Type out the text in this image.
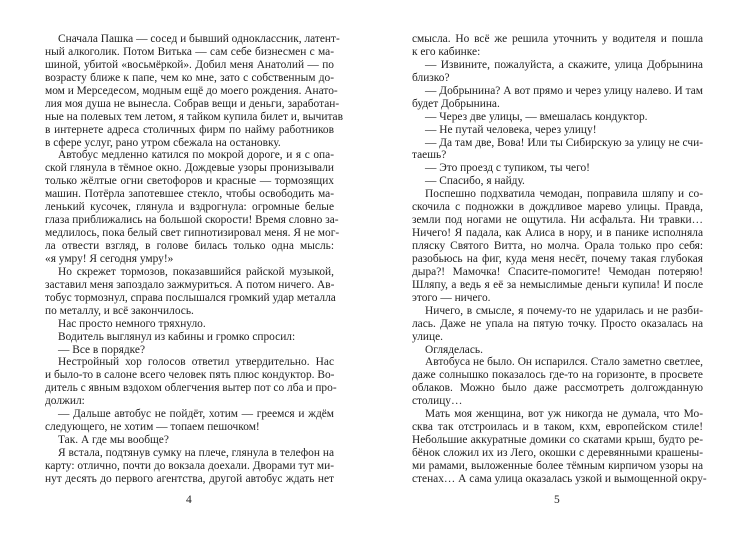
Сначала Пашка — сосед и бывший одноклассник, латент-
ный алкоголик. Потом Витька — сам себе бизнесмен с ма-
шиной, убитой «восьмёркой». Добил меня Анатолий — по
возрасту ближе к папе, чем ко мне, зато с собственным до-
мом и Мерседесом, модным ещё до моего рождения. Анато-
лия моя душа не вынесла. Собрав вещи и деньги, заработан-
ные на полевых тем летом, я тайком купила билет и, вычитав
в интернете адреса столичных фирм по найму работников
в сфере услуг, рано утром сбежала на остановку.
Автобус медленно катился по мокрой дороге, и я с опа-
ской глянула в тёмное окно. Дождевые узоры пронизывали
только жёлтые огни светофоров и красные — тормозящих
машин. Потёрла запотевшее стекло, чтобы освободить ма-
ленький кусочек, глянула и вздрогнула: огромные белые
глаза приближались на большой скорости! Время словно за-
медлилось, пока белый свет гипнотизировал меня. Я не мог-
ла отвести взгляд, в голове билась только одна мысль:
«я умру! Я сегодня умру!»
Но скрежет тормозов, показавшийся райской музыкой,
заставил меня запоздало зажмуриться. А потом ничего. Ав-
тобус тормознул, справа послышался громкий удар металла
по металлу, и всё закончилось.
Нас просто немного тряхнуло.
Водитель выглянул из кабины и громко спросил:
— Все в порядке?
Нестройный хор голосов ответил утвердительно. Нас
и было-то в салоне всего человек пять плюс кондуктор. Во-
дитель с явным вздохом облегчения вытер пот со лба и про-
должил:
— Дальше автобус не пойдёт, хотим — греемся и ждём
следующего, не хотим — топаем пешочком!
Так. А где мы вообще?
Я встала, подтянув сумку на плече, глянула в телефон на
карту: отлично, почти до вокзала доехали. Дворами тут ми-
нут десять до первого агентства, другой автобус ждать нет
4
смысла. Но всё же решила уточнить у водителя и пошла
к его кабинке:
— Извините, пожалуйста, а скажите, улица Добрынина
близко?
— Добрынина? А вот прямо и через улицу налево. И там
будет Добрынина.
— Через две улицы, — вмешалась кондуктор.
— Не путай человека, через улицу!
— Да там две, Вова! Или ты Сибирскую за улицу не счи-
таешь?
— Это проезд с тупиком, ты чего!
— Спасибо, я найду.
Поспешно подхватила чемодан, поправила шляпу и со-
скочила с подножки в дождливое марево улицы. Правда,
земли под ногами не ощутила. Ни асфальта. Ни травки…
Ничего! Я падала, как Алиса в нору, и в панике исполняла
пляску Святого Витта, но молча. Орала только про себя:
разобьюсь на фиг, куда меня несёт, почему такая глубокая
дыра?! Мамочка! Спасите-помогите! Чемодан потеряю!
Шляпу, а ведь я её за немыслимые деньги купила! И после
этого — ничего.
Ничего, в смысле, я почему-то не ударилась и не разби-
лась. Даже не упала на пятую точку. Просто оказалась на
улице.
Огляделась.
Автобуса не было. Он испарился. Стало заметно светлее,
даже солнышко показалось где-то на горизонте, в просвете
облаков. Можно было даже рассмотреть долгожданную
столицу…
Мать моя женщина, вот уж никогда не думала, что Мо-
сква так отстроилась и в таком, кхм, европейском стиле!
Небольшие аккуратные домики со скатами крыш, будто ре-
бёнок сложил их из Лего, окошки с деревянными крашены-
ми рамами, выложенные более тёмным кирпичом узоры на
стенах… А сама улица оказалась узкой и вымощенной окру-
5
